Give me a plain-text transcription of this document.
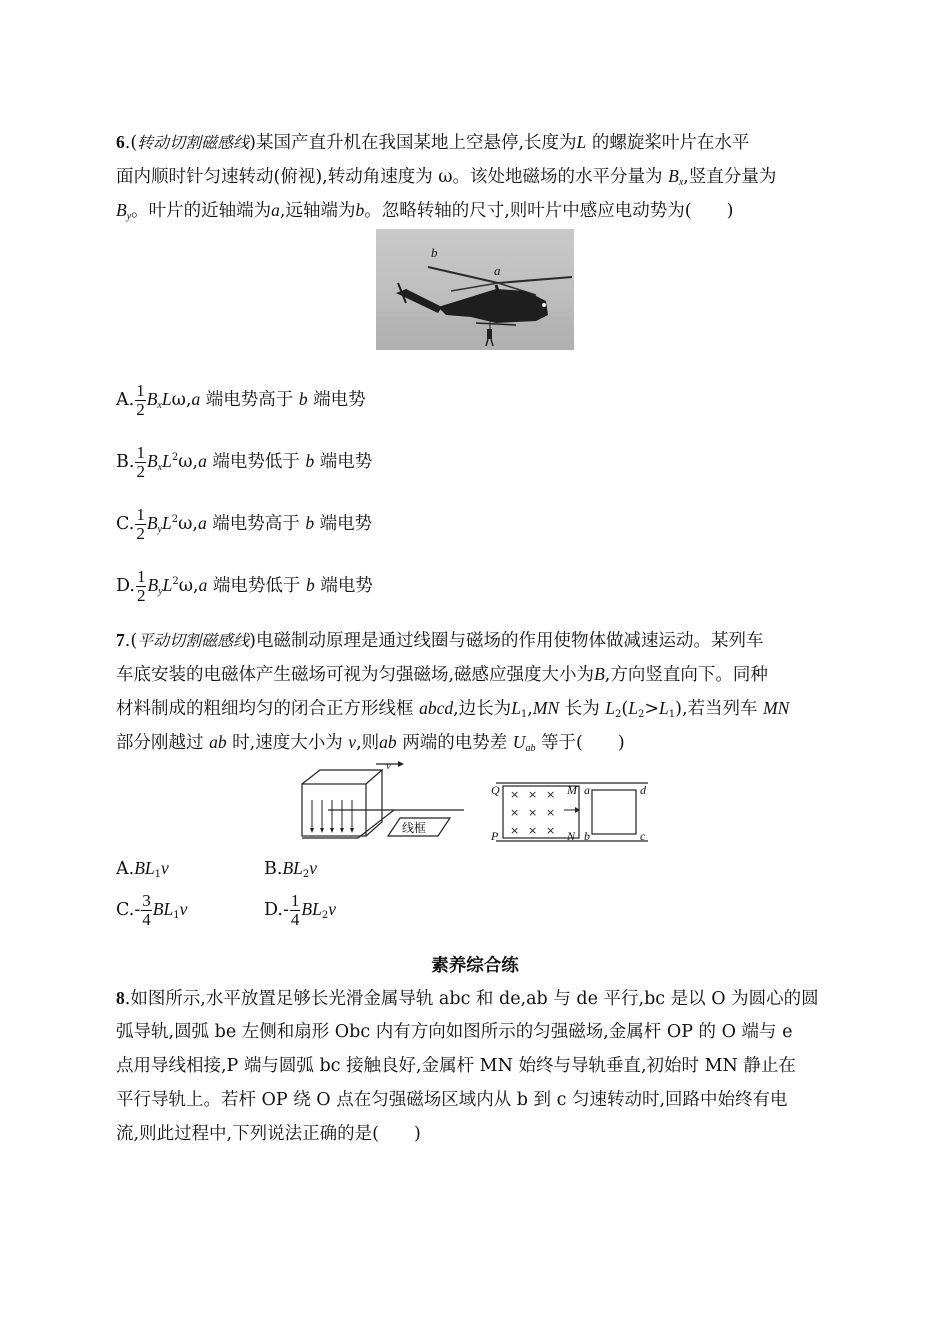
6.(转动切割磁感线)某国产直升机在我国某地上空悬停,长度为L 的螺旋桨叶片在水平
面内顺时针匀速转动(俯视),转动角速度为 ω。该处地磁场的水平分量为 $B_x$,竖直分量为
$B_y$。叶片的近轴端为a,远轴端为b。忽略转轴的尺寸,则叶片中感应电动势为(　　)
b
a
A. $\frac{1}{2} B_xL\omega,a$ 端电势高于 b 端电势
B. $\frac{1}{2} B_xL^2\omega,a$ 端电势低于 b 端电势
C. $\frac{1}{2} B_yL^2\omega,a$ 端电势高于 b 端电势
D. $\frac{1}{2} B_yL^2\omega,a$ 端电势低于 b 端电势
7.(平动切割磁感线)电磁制动原理是通过线圈与磁场的作用使物体做减速运动。某列车
车底安装的电磁体产生磁场可视为匀强磁场,磁感应强度大小为B,方向竖直向下。同种
材料制成的粗细均匀的闭合正方形线框 abcd,边长为$L_1,MN$ 长为 $L_2(L_2>L_1)$,若当列车 MN
部分刚越过 ab 时,速度大小为 v,则ab 两端的电势差 $U_{ab}$ 等于(　　)
v
线框
× × ×
× × ×
× × ×
Q
P
M
N
a
b	c
d
$A.BL_1v$	$B.BL_2v$
$C.- \frac{3}{4} BL_1v$	$D.- \frac{1}{4} BL_2v$
素养综合练
8.如图所示,水平放置足够长光滑金属导轨 abc 和 de,ab 与 de 平行,bc 是以 O 为圆心的圆
弧导轨,圆弧 be 左侧和扇形 Obc 内有方向如图所示的匀强磁场,金属杆 OP 的 O 端与 e
点用导线相接,P 端与圆弧 bc 接触良好,金属杆 MN 始终与导轨垂直,初始时 MN 静止在
平行导轨上。若杆 OP 绕 O 点在匀强磁场区域内从 b 到 c 匀速转动时,回路中始终有电
流,则此过程中,下列说法正确的是(　　)
